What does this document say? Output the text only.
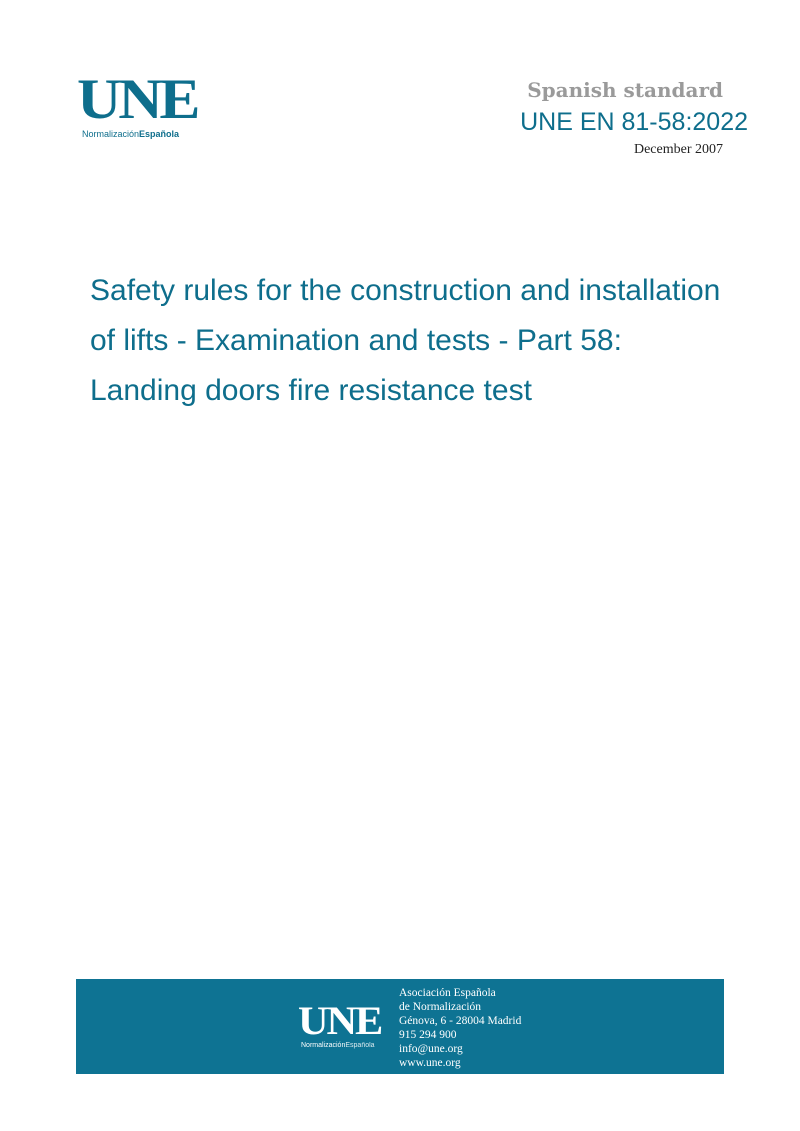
UNE
NormalizaciónEspañola
Spanish standard
UNE EN 81-58:2022
December 2007
Safety rules for the construction and installation
of lifts - Examination and tests - Part 58:
Landing doors fire resistance test
UNE
NormalizaciónEspañola
Asociación Española
de Normalización
Génova, 6 - 28004 Madrid
915 294 900
info@une.org
www.une.org
